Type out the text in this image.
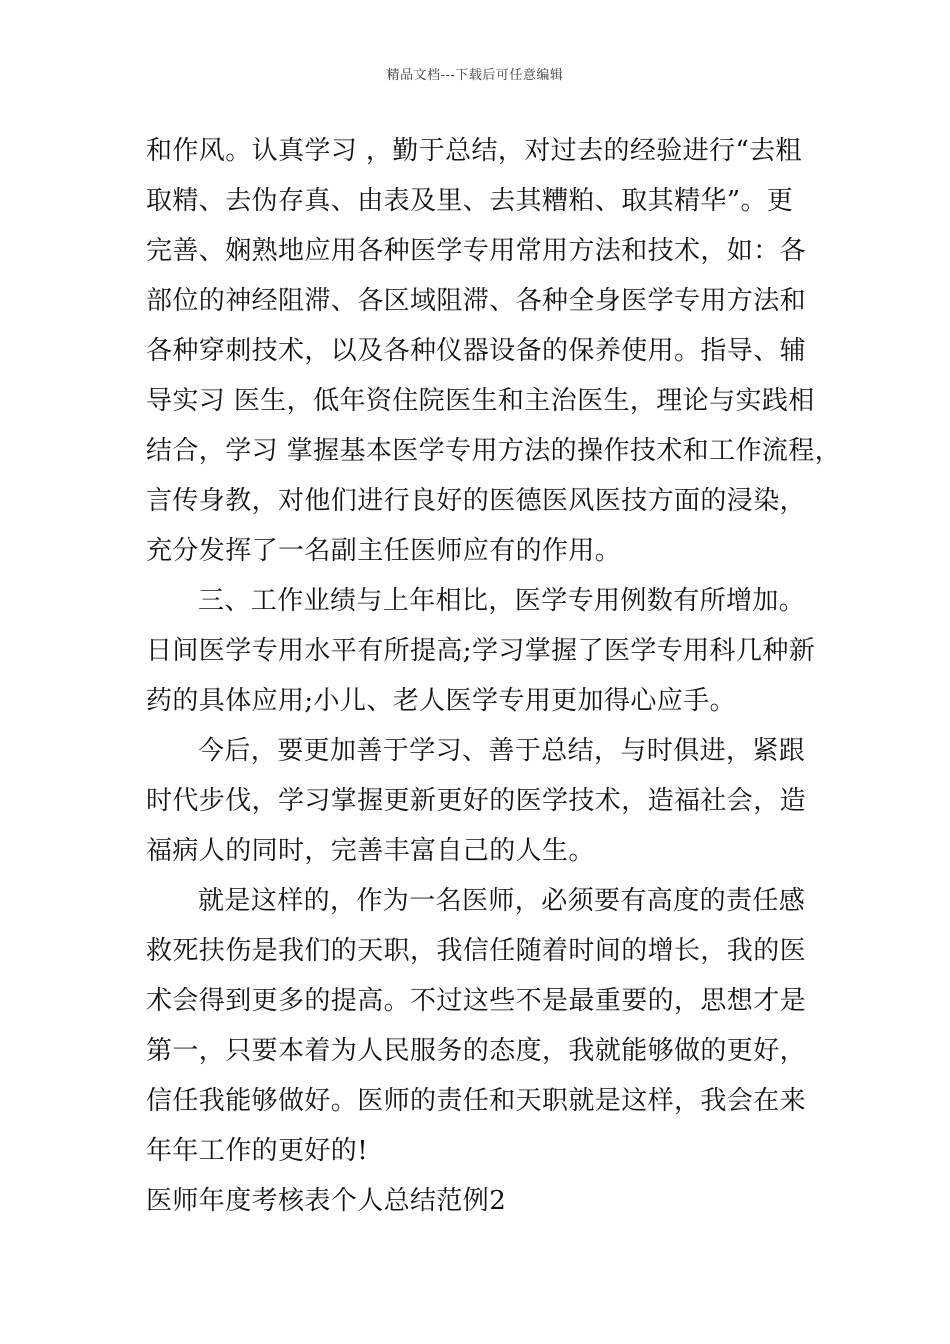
精品文档---下载后可任意编辑
和作风。认真学习 ，勤于总结，对过去的经验进行“去粗
取精、去伪存真、由表及里、去其糟粕、取其精华”。更
完善、娴熟地应用各种医学专用常用方法和技术，如：各
部位的神经阻滞、各区域阻滞、各种全身医学专用方法和
各种穿刺技术，以及各种仪器设备的保养使用。指导、辅
导实习 医生，低年资住院医生和主治医生，理论与实践相
结合，学习 掌握基本医学专用方法的操作技术和工作流程，
言传身教，对他们进行良好的医德医风医技方面的浸染，
充分发挥了一名副主任医师应有的作用。
三、工作业绩与上年相比，医学专用例数有所增加。
日间医学专用水平有所提高;学习掌握了医学专用科几种新
药的具体应用;小儿、老人医学专用更加得心应手。
今后，要更加善于学习、善于总结，与时俱进，紧跟
时代步伐，学习掌握更新更好的医学技术，造福社会，造
福病人的同时，完善丰富自己的人生。
就是这样的，作为一名医师，必须要有高度的责任感
救死扶伤是我们的天职，我信任随着时间的增长，我的医
术会得到更多的提高。不过这些不是最重要的，思想才是
第一，只要本着为人民服务的态度，我就能够做的更好，
信任我能够做好。医师的责任和天职就是这样，我会在来
年年工作的更好的!
医师年度考核表个人总结范例2
